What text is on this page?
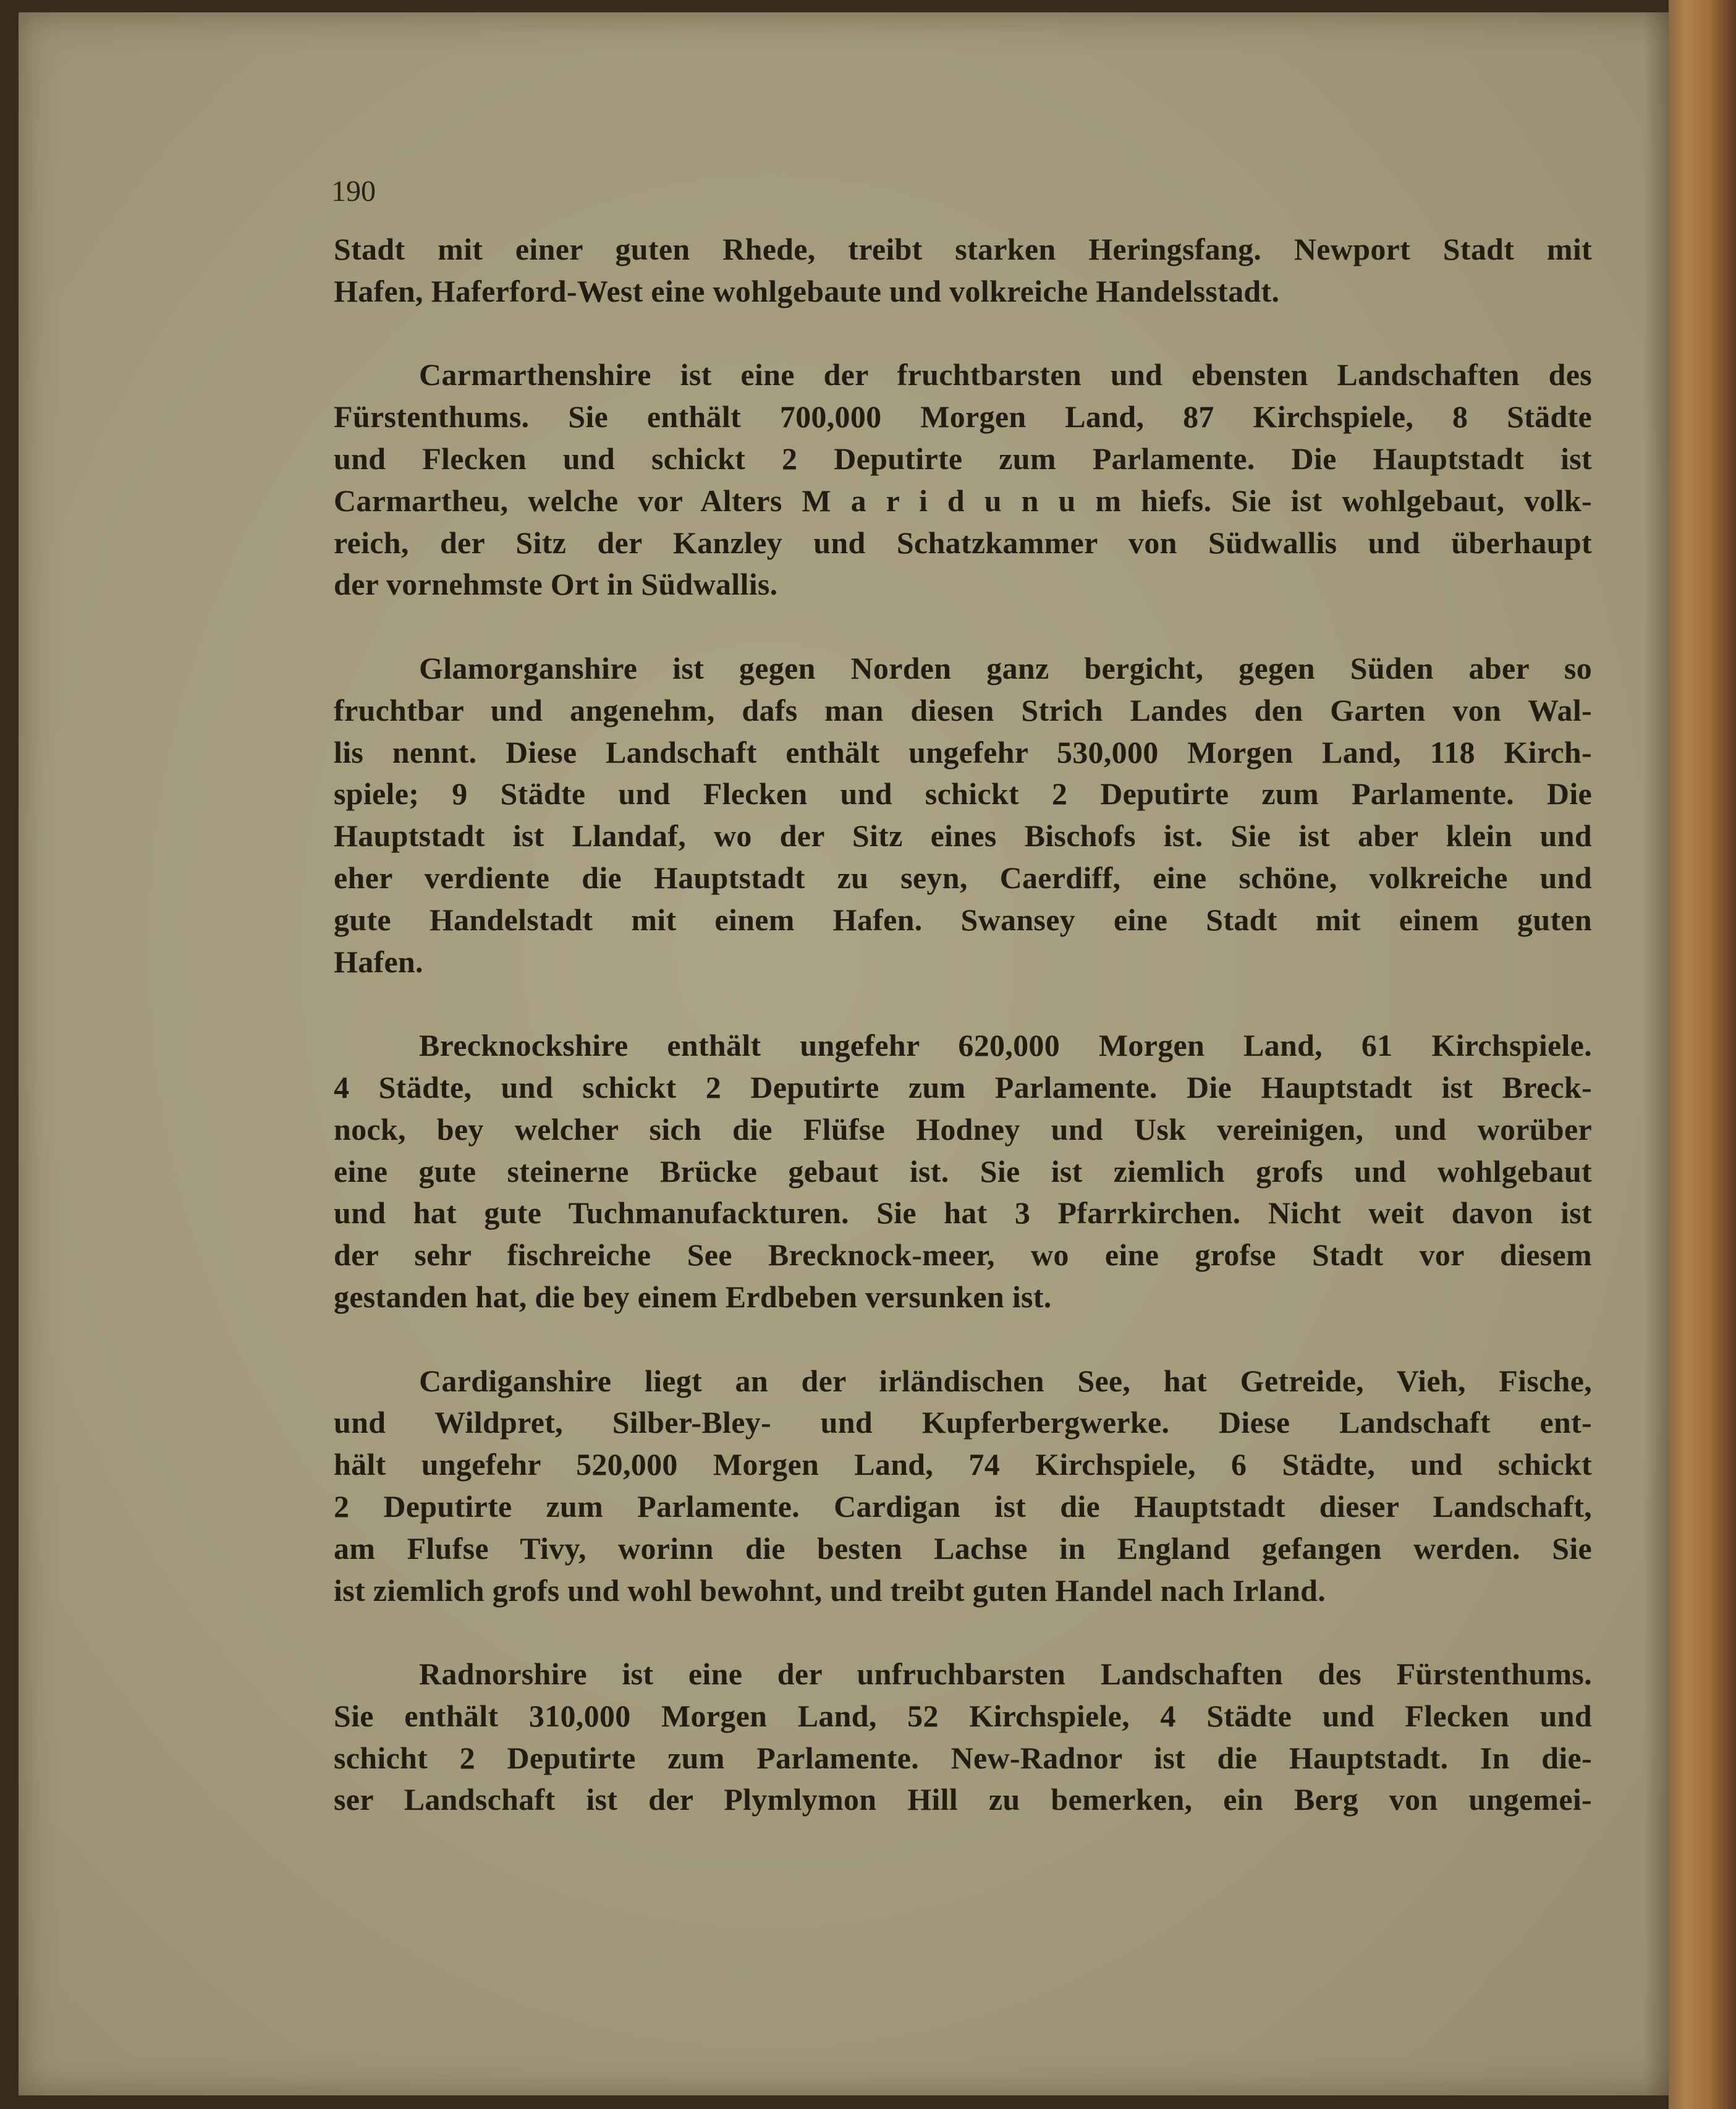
190
Stadt mit einer guten Rhede, treibt starken Heringsfang. Newport Stadt mit
Hafen, Haferford-West eine wohlgebaute und volkreiche Handelsstadt.
Carmarthenshire ist eine der fruchtbarsten und ebensten Landschaften des
Fürstenthums. Sie enthält 700,000 Morgen Land, 87 Kirchspiele, 8 Städte
und Flecken und schickt 2 Deputirte zum Parlamente. Die Hauptstadt ist
Carmartheu, welche vor Alters M a r i d u n u m hiefs. Sie ist wohlgebaut, volk-
reich, der Sitz der Kanzley und Schatzkammer von Südwallis und überhaupt
der vornehmste Ort in Südwallis.
Glamorganshire ist gegen Norden ganz bergicht, gegen Süden aber so
fruchtbar und angenehm, dafs man diesen Strich Landes den Garten von Wal-
lis nennt. Diese Landschaft enthält ungefehr 530,000 Morgen Land, 118 Kirch-
spiele; 9 Städte und Flecken und schickt 2 Deputirte zum Parlamente. Die
Hauptstadt ist Llandaf, wo der Sitz eines Bischofs ist. Sie ist aber klein und
eher verdiente die Hauptstadt zu seyn, Caerdiff, eine schöne, volkreiche und
gute Handelstadt mit einem Hafen. Swansey eine Stadt mit einem guten
Hafen.
Brecknockshire enthält ungefehr 620,000 Morgen Land, 61 Kirchspiele.
4 Städte, und schickt 2 Deputirte zum Parlamente. Die Hauptstadt ist Breck-
nock, bey welcher sich die Flüfse Hodney und Usk vereinigen, und worüber
eine gute steinerne Brücke gebaut ist. Sie ist ziemlich grofs und wohlgebaut
und hat gute Tuchmanufackturen. Sie hat 3 Pfarrkirchen. Nicht weit davon ist
der sehr fischreiche See Brecknock-meer, wo eine grofse Stadt vor diesem
gestanden hat, die bey einem Erdbeben versunken ist.
Cardiganshire liegt an der irländischen See, hat Getreide, Vieh, Fische,
und Wildpret, Silber-Bley- und Kupferbergwerke. Diese Landschaft ent-
hält ungefehr 520,000 Morgen Land, 74 Kirchspiele, 6 Städte, und schickt
2 Deputirte zum Parlamente. Cardigan ist die Hauptstadt dieser Landschaft,
am Flufse Tivy, worinn die besten Lachse in England gefangen werden. Sie
ist ziemlich grofs und wohl bewohnt, und treibt guten Handel nach Irland.
Radnorshire ist eine der unfruchbarsten Landschaften des Fürstenthums.
Sie enthält 310,000 Morgen Land, 52 Kirchspiele, 4 Städte und Flecken und
schicht 2 Deputirte zum Parlamente. New-Radnor ist die Hauptstadt. In die-
ser Landschaft ist der Plymlymon Hill zu bemerken, ein Berg von ungemei-
